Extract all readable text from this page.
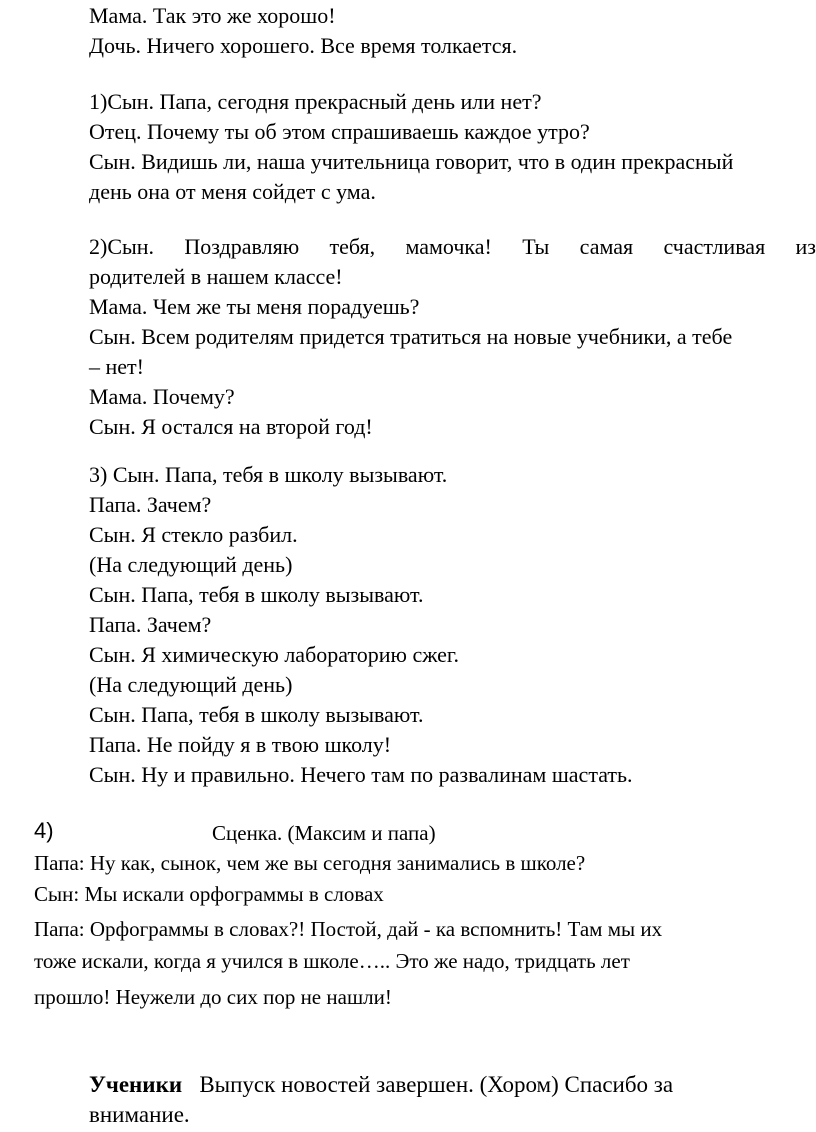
Мама. Так это же хорошо!
Дочь. Ничего хорошего. Все время толкается.
1)Сын. Папа, сегодня прекрасный день или нет?
Отец. Почему ты об этом спрашиваешь каждое утро?
Сын. Видишь ли, наша учительница говорит, что в один прекрасный
день она от меня сойдет с ума.
2)Сын. Поздравляю тебя, мамочка! Ты самая счастливая из
родителей в нашем классе!
Мама. Чем же ты меня порадуешь?
Сын. Всем родителям придется тратиться на новые учебники, а тебе
– нет!
Мама. Почему?
Сын. Я остался на второй год!
3) Сын. Папа, тебя в школу вызывают.
Папа. Зачем?
Сын. Я стекло разбил.
(На следующий день)
Сын. Папа, тебя в школу вызывают.
Папа. Зачем?
Сын. Я химическую лабораторию сжег.
(На следующий день)
Сын. Папа, тебя в школу вызывают.
Папа. Не пойду я в твою школу!
Сын. Ну и правильно. Нечего там по развалинам шастать.
4)	Сценка. (Максим и папа)
Папа: Ну как, сынок, чем же вы сегодня занимались в школе?
Сын: Мы искали орфограммы в словах
Папа: Орфограммы в словах?! Постой, дай - ка вспомнить! Там мы их
тоже искали, когда я учился в школе….. Это же надо, тридцать лет
прошло! Неужели до сих пор не нашли!
Ученики Выпуск новостей завершен. (Хором) Спасибо за
внимание.
